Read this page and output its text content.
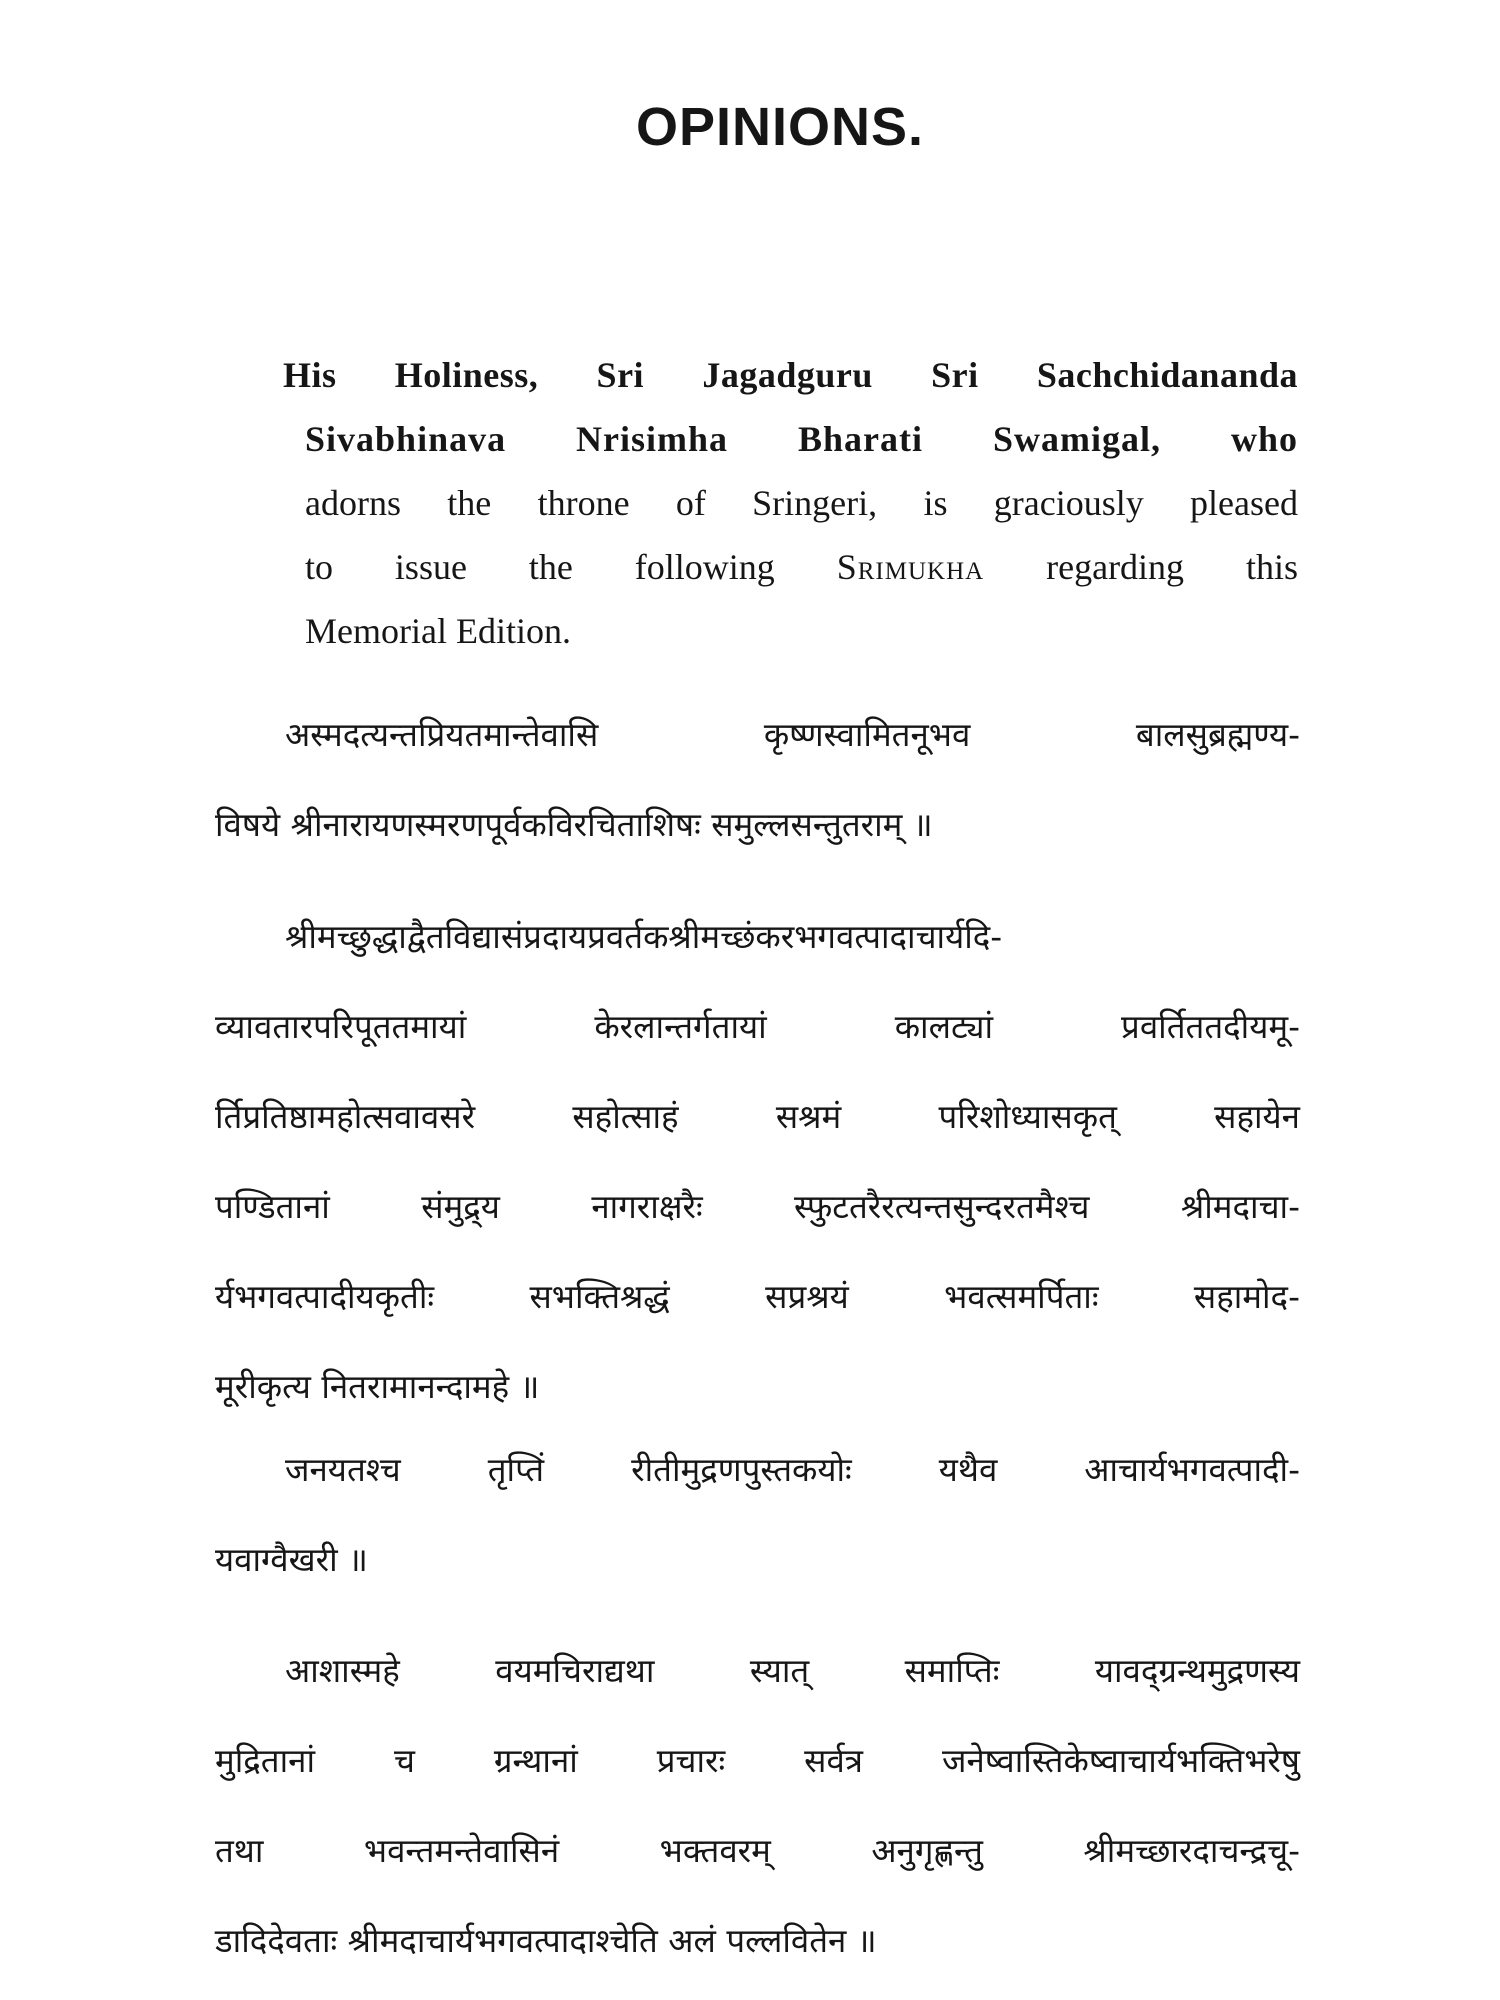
OPINIONS.
His Holiness, Sri Jagadguru Sri Sachchidananda
Sivabhinava Nrisimha Bharati Swamigal, who
adorns the throne of Sringeri, is graciously pleased
to issue the following Srimukha regarding this
Memorial Edition.
अस्मदत्यन्तप्रियतमान्तेवासि कृष्णस्वामितनूभव बालसुब्रह्मण्य-
विषये श्रीनारायणस्मरणपूर्वकविरचिताशिषः समुल्लसन्तुतराम् ॥
श्रीमच्छुद्धाद्वैतविद्यासंप्रदायप्रवर्तकश्रीमच्छंकरभगवत्पादाचार्यदि-
व्यावतारपरिपूततमायां केरलान्तर्गतायां कालट्यां प्रवर्तिततदीयमू-
र्तिप्रतिष्ठामहोत्सवावसरे सहोत्साहं सश्रमं परिशोध्यासकृत् सहायेन
पण्डितानां संमुद्र्य नागराक्षरैः स्फुटतरैरत्यन्तसुन्दरतमैश्च श्रीमदाचा-
र्यभगवत्पादीयकृतीः सभक्तिश्रद्धं सप्रश्रयं भवत्समर्पिताः सहामोद-
मूरीकृत्य नितरामानन्दामहे ॥
जनयतश्च तृप्तिं रीतीमुद्रणपुस्तकयोः यथैव आचार्यभगवत्पादी-
यवाग्वैखरी ॥
आशास्महे वयमचिराद्यथा स्यात् समाप्तिः यावद्ग्रन्थमुद्रणस्य
मुद्रितानां च ग्रन्थानां प्रचारः सर्वत्र जनेष्वास्तिकेष्वाचार्यभक्तिभरेषु
तथा भवन्तमन्तेवासिनं भक्तवरम् अनुगृह्णन्तु श्रीमच्छारदाचन्द्रचू-
डादिदेवताः श्रीमदाचार्यभगवत्पादाश्चेति अलं पल्लवितेन ॥
